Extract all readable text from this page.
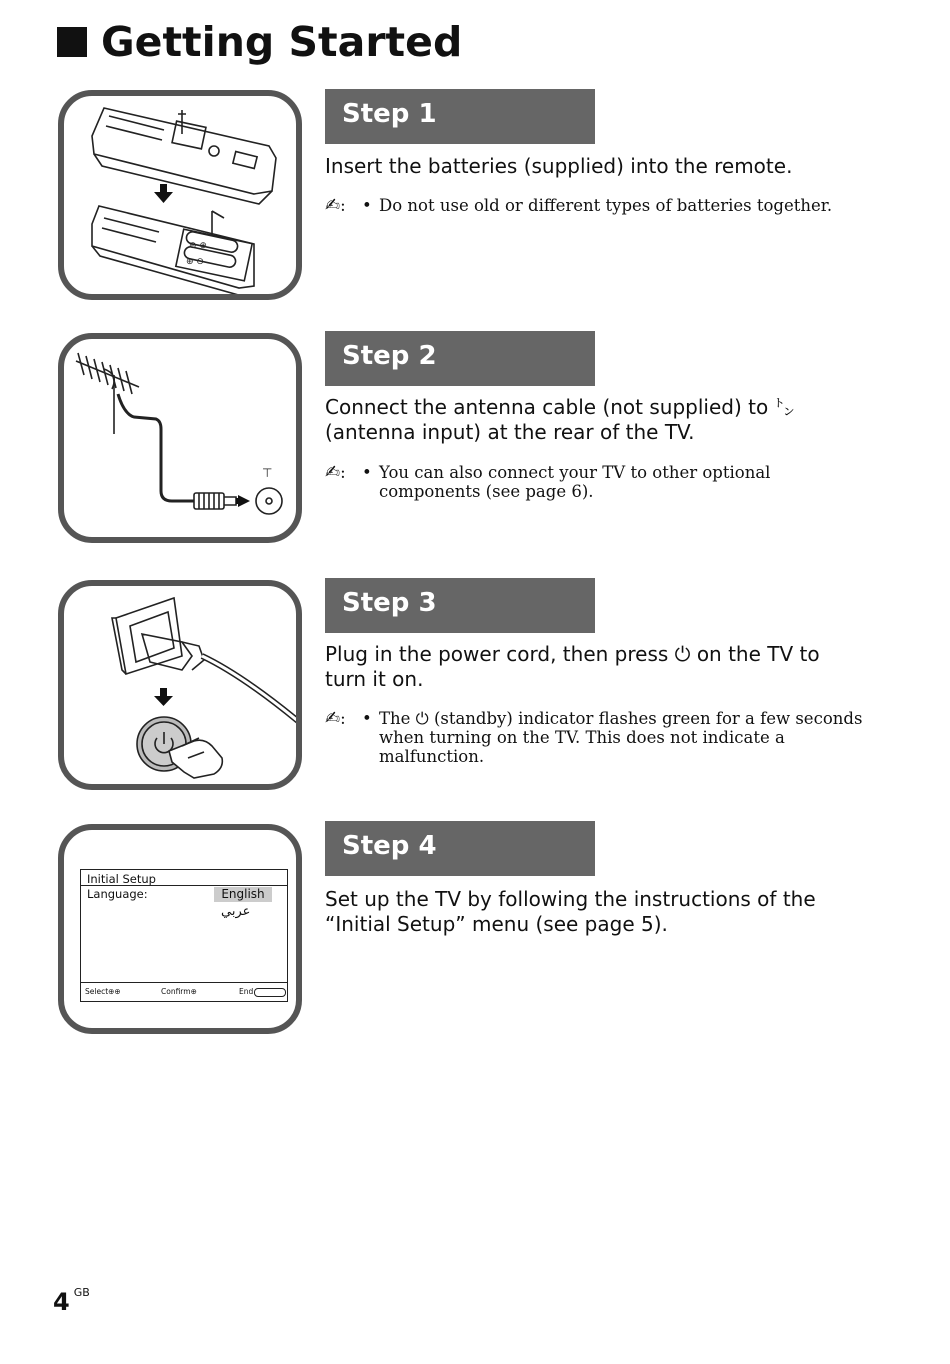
Getting Started
⊖ ⊕
⊕ ⊖
Step 1
Insert the batteries (supplied) into the remote.
✍: • Do not use old or different types of batteries together.
⊤
Step 2
Connect the antenna cable (not supplied) to ㌧
(antenna input) at the rear of the TV.
✍: • You can also connect your TV to other optional
components (see page 6).
Step 3
Plug in the power cord, then press ⏻ on the TV to
turn it on.
✍: • The ⏻ (standby) indicator flashes green for a few seconds
when turning on the TV. This does not indicate a
malfunction.
Initial Setup
Language:	English
عربي
Select⊕⊕	Confirm⊕	End
Step 4
Set up the TV by following the instructions of the
“Initial Setup” menu (see page 5).
4 $^{GB}$
